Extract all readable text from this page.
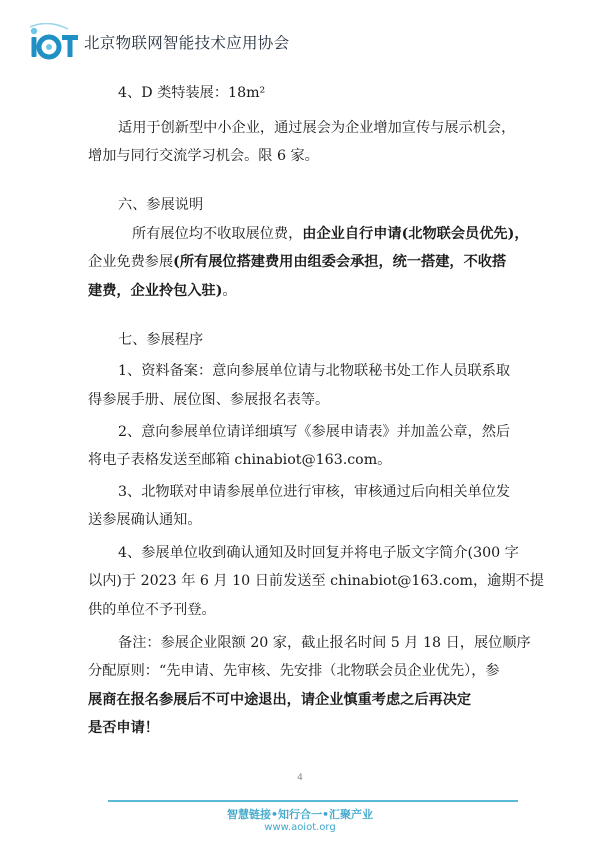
北京物联网智能技术应用协会

4、D 类特装展：18m²

适用于创新型中小企业，通过展会为企业增加宣传与展示机会，

增加与同行交流学习机会。限 6 家。

六、参展说明

所有展位均不收取展位费，由企业自行申请(北物联会员优先)，

企业免费参展(所有展位搭建费用由组委会承担，统一搭建，不收搭

建费，企业拎包入驻)。

七、参展程序

1、资料备案：意向参展单位请与北物联秘书处工作人员联系取

得参展手册、展位图、参展报名表等。

2、意向参展单位请详细填写《参展申请表》并加盖公章，然后

将电子表格发送至邮箱 chinabiot@163.com。

3、北物联对申请参展单位进行审核，审核通过后向相关单位发

送参展确认通知。

4、参展单位收到确认通知及时回复并将电子版文字简介(300 字

以内)于 2023 年 6 月 10 日前发送至 chinabiot@163.com，逾期不提

供的单位不予刊登。

备注：参展企业限额 20 家，截止报名时间 5 月 18 日，展位顺序

分配原则：“先申请、先审核、先安排（北物联会员企业优先），参

展商在报名参展后不可中途退出，请企业慎重考虑之后再决定

是否申请！

4
智慧链接•知行合一•汇聚产业
www.aoiot.org
